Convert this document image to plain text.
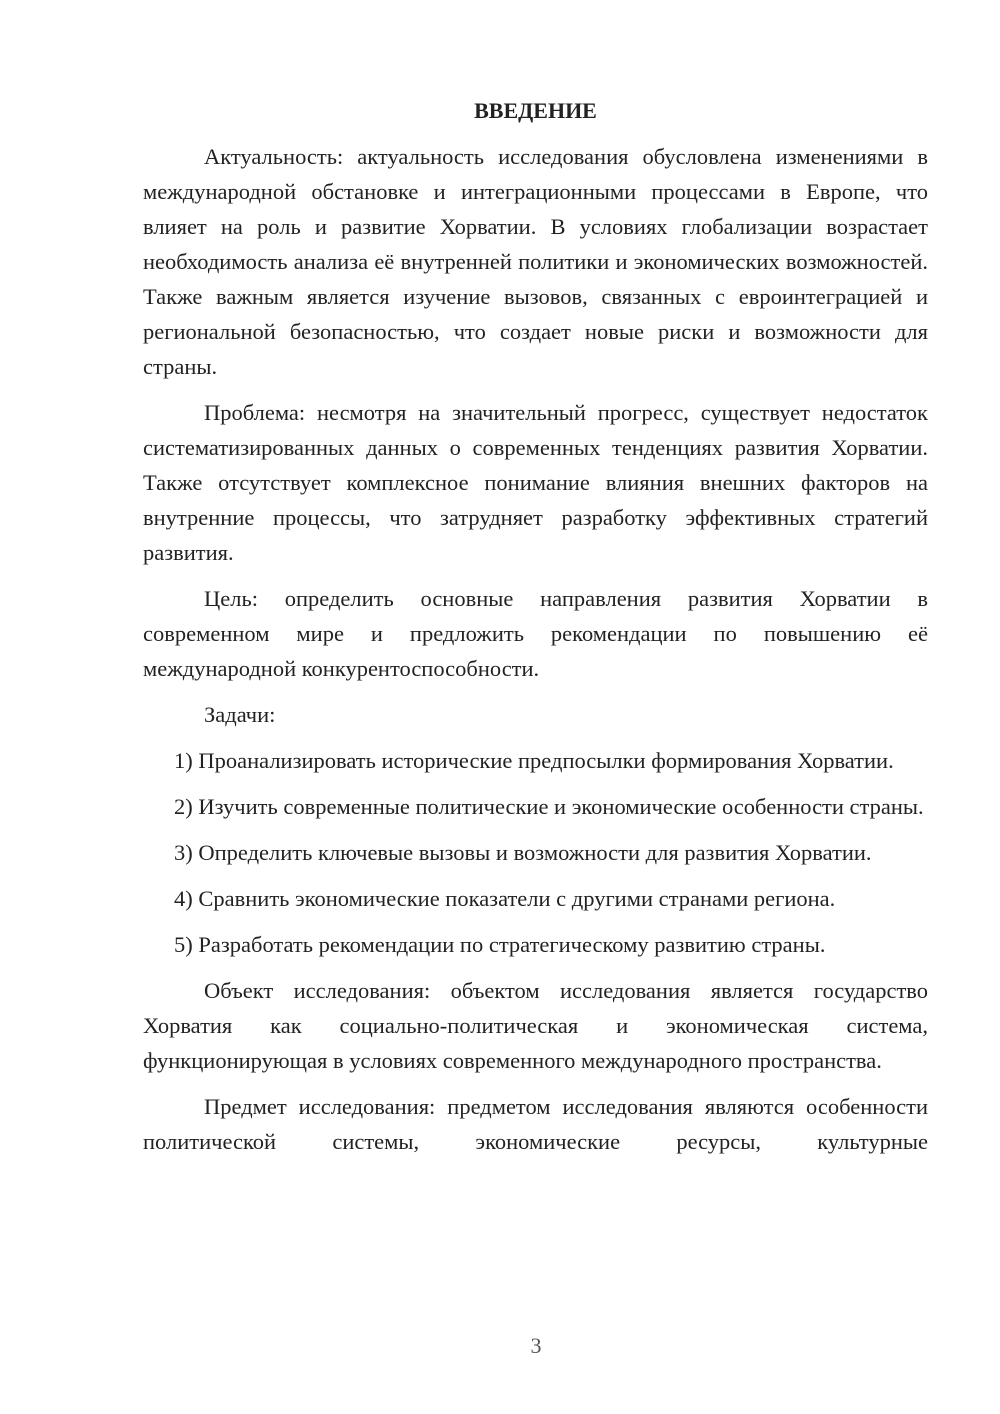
ВВЕДЕНИЕ

Актуальность: актуальность исследования обусловлена изменениями в международной обстановке и интеграционными процессами в Европе, что влияет на роль и развитие Хорватии. В условиях глобализации возрастает необходимость анализа её внутренней политики и экономических возможностей. Также важным является изучение вызовов, связанных с евроинтеграцией и региональной безопасностью, что создает новые риски и возможности для страны.

Проблема: несмотря на значительный прогресс, существует недостаток систематизированных данных о современных тенденциях развития Хорватии. Также отсутствует комплексное понимание влияния внешних факторов на внутренние процессы, что затрудняет разработку эффективных стратегий развития.

Цель: определить основные направления развития Хорватии в современном мире и предложить рекомендации по повышению её международной конкурентоспособности.

Задачи:

1) Проанализировать исторические предпосылки формирования Хорватии.

2) Изучить современные политические и экономические особенности страны.

3) Определить ключевые вызовы и возможности для развития Хорватии.

4) Сравнить экономические показатели с другими странами региона.

5) Разработать рекомендации по стратегическому развитию страны.

Объект исследования: объектом исследования является государство Хорватия как социально-политическая и экономическая система, функционирующая в условиях современного международного пространства.

Предмет исследования: предметом исследования являются особенности политической системы, экономические ресурсы, культурные

3
